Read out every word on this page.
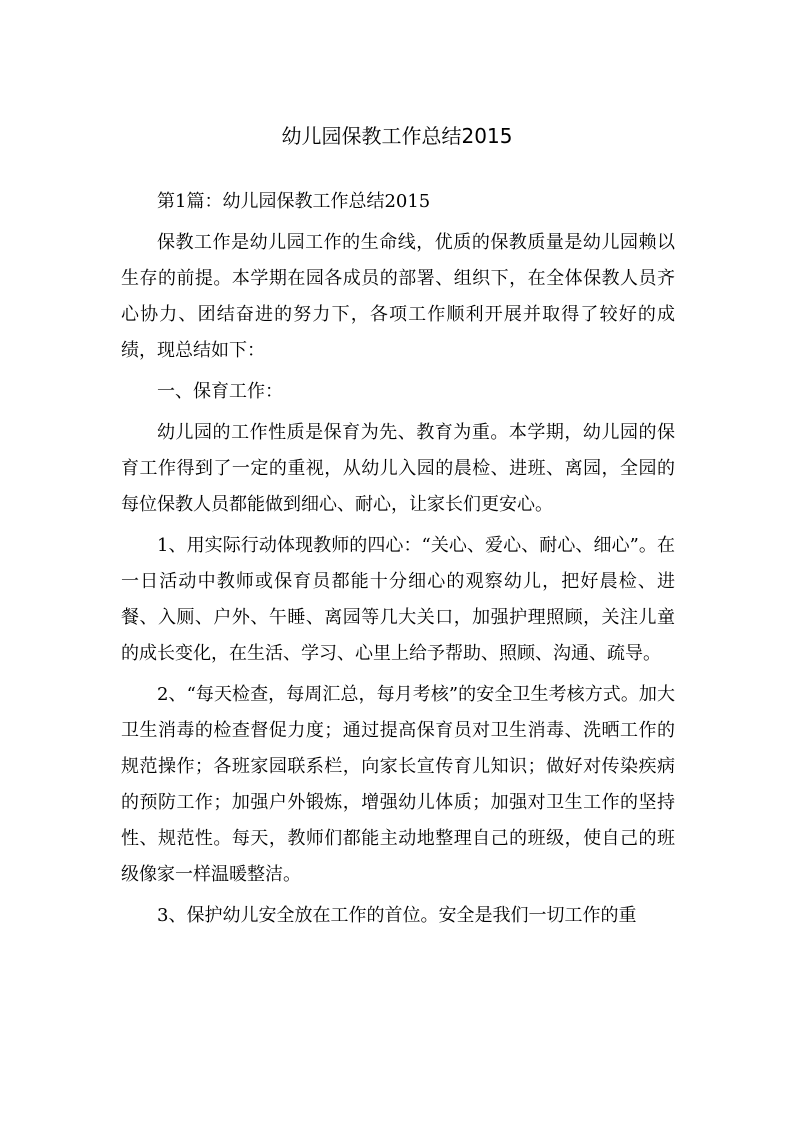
幼儿园保教工作总结2015

第1篇：幼儿园保教工作总结2015

保教工作是幼儿园工作的生命线，优质的保教质量是幼儿园赖以生存的前提。本学期在园各成员的部署、组织下，在全体保教人员齐心协力、团结奋进的努力下，各项工作顺利开展并取得了较好的成绩，现总结如下：

一、保育工作：

幼儿园的工作性质是保育为先、教育为重。本学期，幼儿园的保育工作得到了一定的重视，从幼儿入园的晨检、进班、离园，全园的每位保教人员都能做到细心、耐心，让家长们更安心。

1、用实际行动体现教师的四心：“关心、爱心、耐心、细心”。在一日活动中教师或保育员都能十分细心的观察幼儿，把好晨检、进餐、入厕、户外、午睡、离园等几大关口，加强护理照顾，关注儿童的成长变化，在生活、学习、心里上给予帮助、照顾、沟通、疏导。

2、“每天检查，每周汇总，每月考核”的安全卫生考核方式。加大卫生消毒的检查督促力度；通过提高保育员对卫生消毒、洗晒工作的规范操作；各班家园联系栏，向家长宣传育儿知识；做好对传染疾病的预防工作；加强户外锻炼，增强幼儿体质；加强对卫生工作的坚持性、规范性。每天，教师们都能主动地整理自己的班级，使自己的班级像家一样温暖整洁。

3、保护幼儿安全放在工作的首位。安全是我们一切工作的重
